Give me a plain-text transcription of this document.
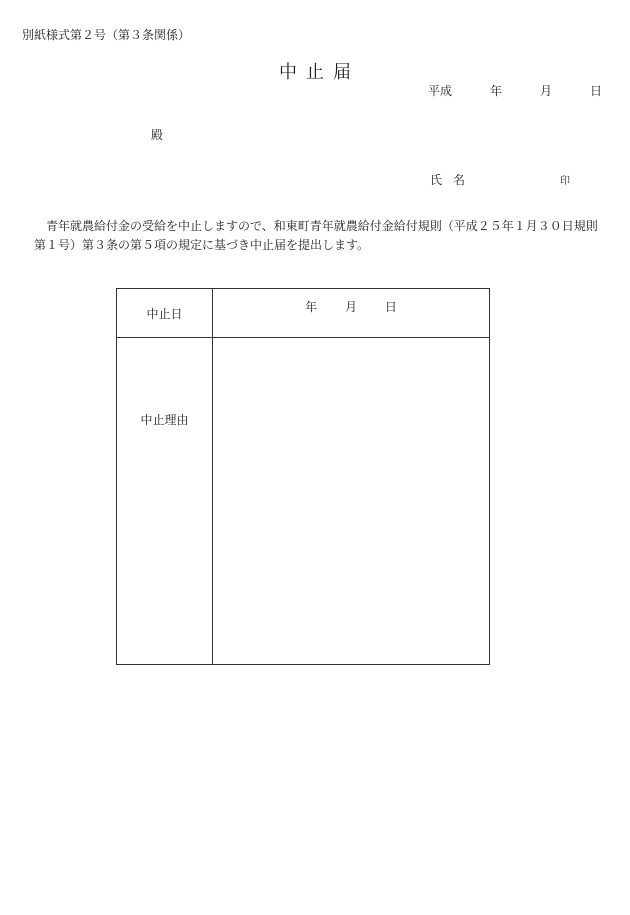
別紙様式第２号（第３条関係）
中止届
平成	年	月	日
殿
氏名	印
青年就農給付金の受給を中止しますので、和東町青年就農給付金給付規則（平成２５年１月３０日規則第１号）第３条の第５項の規定に基づき中止届を提出します。
中止日	年 月 日
中止理由	
